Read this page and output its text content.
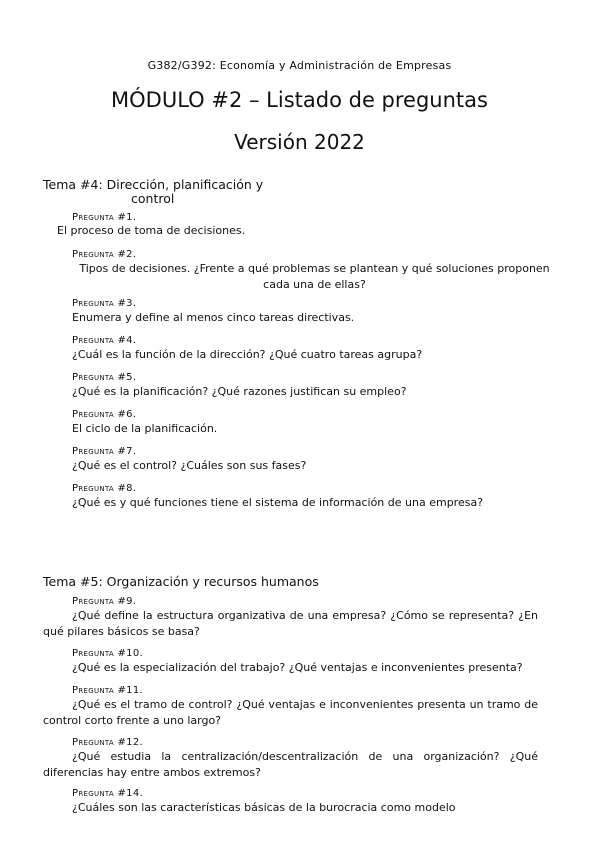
G382/G392: Economía y Administración de Empresas
MÓDULO #2 – Listado de preguntas
Versión 2022
Tema #4: Dirección, planificación y
control
Pregunta #1.
El proceso de toma de decisiones.
Pregunta #2.
Tipos de decisiones. ¿Frente a qué problemas se plantean y qué soluciones proponen cada una de ellas?
Pregunta #3.
Enumera y define al menos cinco tareas directivas.
Pregunta #4.
¿Cuál es la función de la dirección? ¿Qué cuatro tareas agrupa?
Pregunta #5.
¿Qué es la planificación? ¿Qué razones justifican su empleo?
Pregunta #6.
El ciclo de la planificación.
Pregunta #7.
¿Qué es el control? ¿Cuáles son sus fases?
Pregunta #8.
¿Qué es y qué funciones tiene el sistema de información de una empresa?
Tema #5: Organización y recursos humanos
Pregunta #9.
¿Qué define la estructura organizativa de una empresa? ¿Cómo se representa? ¿En qué pilares básicos se basa?
Pregunta #10.
¿Qué es la especialización del trabajo? ¿Qué ventajas e inconvenientes presenta?
Pregunta #11.
¿Qué es el tramo de control? ¿Qué ventajas e inconvenientes presenta un tramo de control corto frente a uno largo?
Pregunta #12.
¿Qué estudia la centralización/descentralización de una organización? ¿Qué diferencias hay entre ambos extremos?
Pregunta #14.
¿Cuáles son las características básicas de la burocracia como modelo
